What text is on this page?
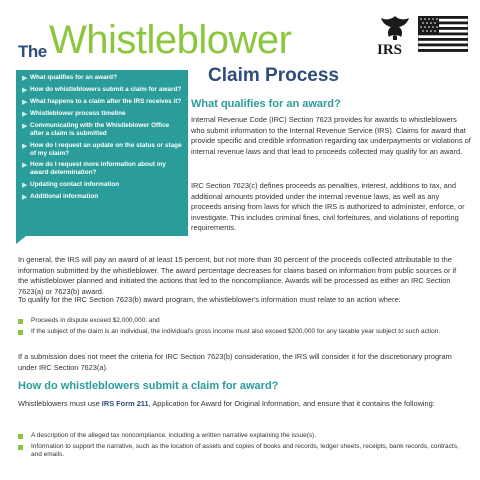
Whistleblower
The
Claim Process
IRS
▶ What qualifies for an award?
▶ How do whistleblowers submit a claim for award?
▶ What happens to a claim after the IRS receives it?
▶ Whistleblower process timeline
▶ Communicating with the Whistleblower Office after a claim is submitted
▶ How do I request an update on the status or stage of my claim?
▶ How do I request more information about my award determination?
▶ Updating contact information
▶ Additional information
What qualifies for an award?

Internal Revenue Code (IRC) Section 7623 provides for awards to whistleblowers who submit information to the Internal Revenue Service (IRS). Claims for award that provide specific and credible information regarding tax underpayments or violations of internal revenue laws and that lead to proceeds collected may qualify for an award.

IRC Section 7623(c) defines proceeds as penalties, interest, additions to tax, and additional amounts provided under the internal revenue laws, as well as any proceeds arising from laws for which the IRS is authorized to administer, enforce, or investigate. This includes criminal fines, civil forfeitures, and violations of reporting requirements.

In general, the IRS will pay an award of at least 15 percent, but not more than 30 percent of the proceeds collected attributable to the information submitted by the whistleblower. The award percentage decreases for claims based on information from public sources or if the whistleblower planned and initiated the actions that led to the noncompliance. Awards will be processed as either an IRC Section 7623(a) or 7623(b) award.

To qualify for the IRC Section 7623(b) award program, the whistleblower's information must relate to an action where:

Proceeds in dispute exceed $2,000,000; and
If the subject of the claim is an individual, the individual's gross income must also exceed $200,000 for any taxable year subject to such action.

If a submission does not meet the criteria for IRC Section 7623(b) consideration, the IRS will consider it for the discretionary program under IRC Section 7623(a).

How do whistleblowers submit a claim for award?

Whistleblowers must use IRS Form 211, Application for Award for Original Information, and ensure that it contains the following:

A description of the alleged tax noncompliance, including a written narrative explaining the issue(s).
Information to support the narrative, such as the location of assets and copies of books and records, ledger sheets, receipts, bank records, contracts, and emails.
